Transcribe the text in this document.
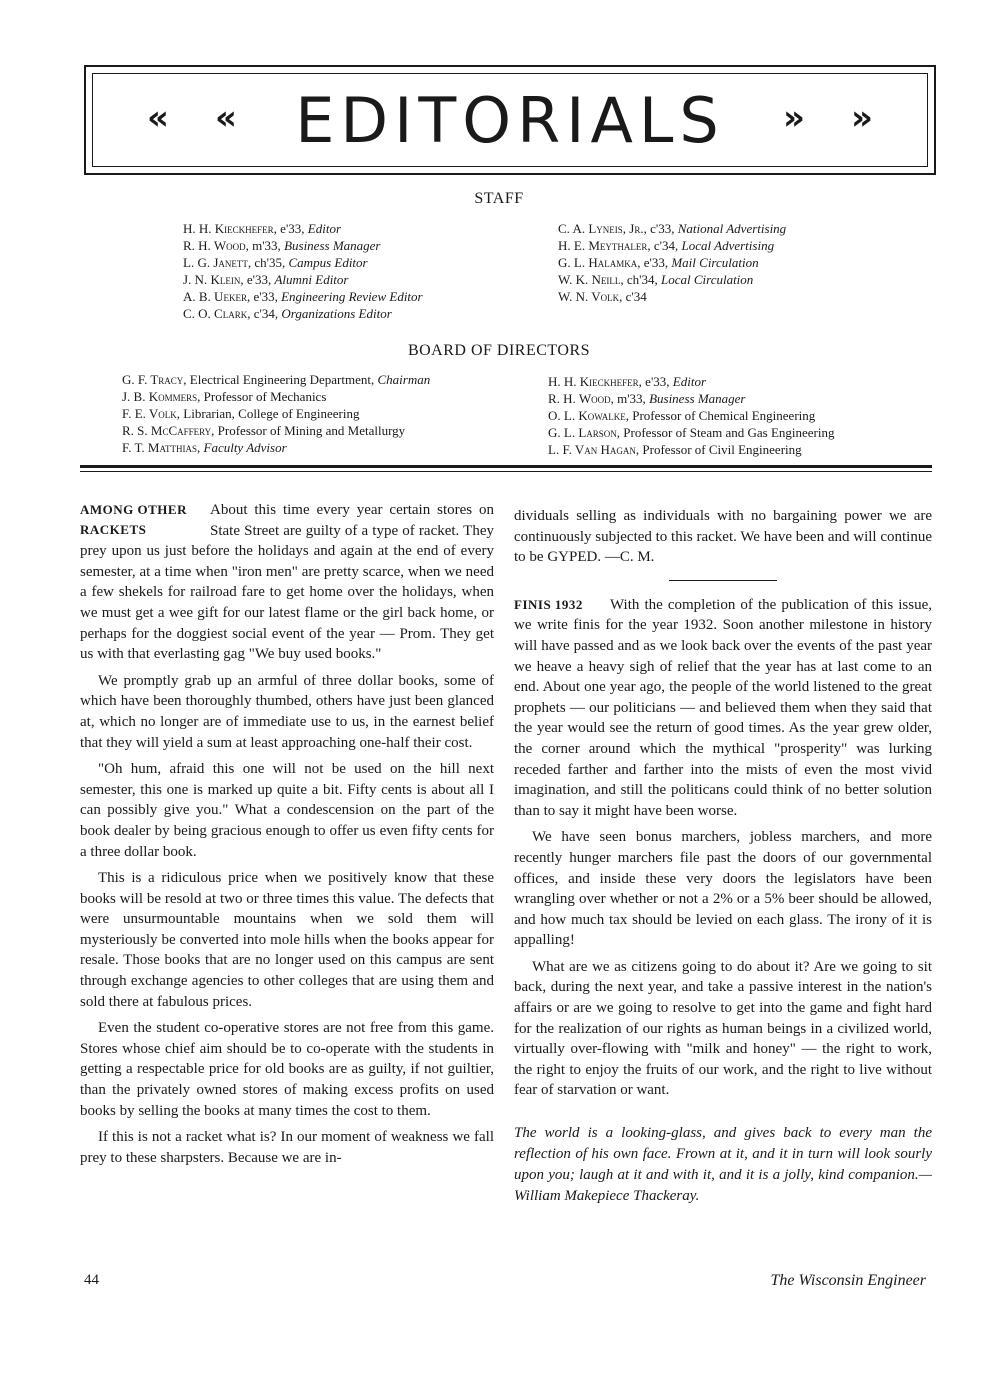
« « EDITORIALS	» »
STAFF
H. H. Kieckhefer, e'33, Editor
R. H. Wood, m'33, Business Manager
L. G. Janett, ch'35, Campus Editor
J. N. Klein, e'33, Alumni Editor
A. B. Ueker, e'33, Engineering Review Editor
C. O. Clark, c'34, Organizations Editor
C. A. Lyneis, Jr., c'33, National Advertising
H. E. Meythaler, c'34, Local Advertising
G. L. Halamka, e'33, Mail Circulation
W. K. Neill, ch'34, Local Circulation
W. N. Volk, c'34
BOARD OF DIRECTORS
G. F. Tracy, Electrical Engineering Department, Chairman
J. B. Kommers, Professor of Mechanics
F. E. Volk, Librarian, College of Engineering
R. S. McCaffery, Professor of Mining and Metallurgy
F. T. Matthias, Faculty Advisor
H. H. Kieckhefer, e'33, Editor
R. H. Wood, m'33, Business Manager
O. L. Kowalke, Professor of Chemical Engineering
G. L. Larson, Professor of Steam and Gas Engineering
L. F. Van Hagan, Professor of Civil Engineering
AMONG OTHER
RACKETS

About this time every year certain stores on State Street are guilty of a type of racket. They prey upon us just before the holidays and again at the end of every semester, at a time when "iron men" are pretty scarce, when we need a few shekels for railroad fare to get home over the holidays, when we must get a wee gift for our latest flame or the girl back home, or perhaps for the doggiest social event of the year — Prom. They get us with that everlasting gag "We buy used books."

We promptly grab up an armful of three dollar books, some of which have been thoroughly thumbed, others have just been glanced at, which no longer are of immediate use to us, in the earnest belief that they will yield a sum at least approaching one-half their cost.

"Oh hum, afraid this one will not be used on the hill next semester, this one is marked up quite a bit. Fifty cents is about all I can possibly give you." What a condescension on the part of the book dealer by being gracious enough to offer us even fifty cents for a three dollar book.

This is a ridiculous price when we positively know that these books will be resold at two or three times this value. The defects that were unsurmountable mountains when we sold them will mysteriously be converted into mole hills when the books appear for resale. Those books that are no longer used on this campus are sent through exchange agencies to other colleges that are using them and sold there at fabulous prices.

Even the student co-operative stores are not free from this game. Stores whose chief aim should be to co-operate with the students in getting a respectable price for old books are as guilty, if not guiltier, than the privately owned stores of making excess profits on used books by selling the books at many times the cost to them.

If this is not a racket what is? In our moment of weakness we fall prey to these sharpsters. Because we are in-

dividuals selling as individuals with no bargaining power we are continuously subjected to this racket. We have been and will continue to be GYPED. —C. M.

FINIS 1932	With the completion of the publication of this issue, we write finis for the year 1932. Soon another milestone in history will have passed and as we look back over the events of the past year we heave a heavy sigh of relief that the year has at last come to an end. About one year ago, the people of the world listened to the great prophets — our politicians — and believed them when they said that the year would see the return of good times. As the year grew older, the corner around which the mythical "prosperity" was lurking receded farther and farther into the mists of even the most vivid imagination, and still the politicans could think of no better solution than to say it might have been worse.

We have seen bonus marchers, jobless marchers, and more recently hunger marchers file past the doors of our governmental offices, and inside these very doors the legislators have been wrangling over whether or not a 2% or a 5% beer should be allowed, and how much tax should be levied on each glass. The irony of it is appalling!

What are we as citizens going to do about it? Are we going to sit back, during the next year, and take a passive interest in the nation's affairs or are we going to resolve to get into the game and fight hard for the realization of our rights as human beings in a civilized world, virtually over-flowing with "milk and honey" — the right to work, the right to enjoy the fruits of our work, and the right to live without fear of starvation or want.

The world is a looking-glass, and gives back to every man the reflection of his own face. Frown at it, and it in turn will look sourly upon you; laugh at it and with it, and it is a jolly, kind companion.—William Makepiece Thackeray.
44	The Wisconsin Engineer
